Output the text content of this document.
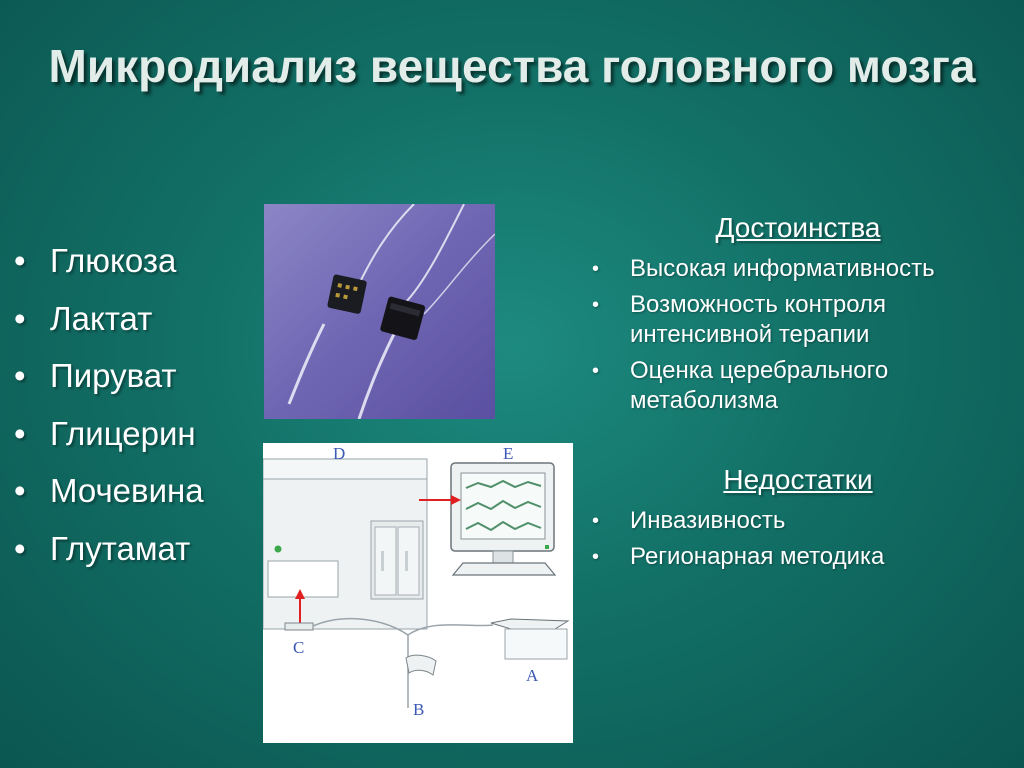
Микродиализ вещества головного мозга
• Глюкоза
• Лактат
• Пируват
• Глицерин
• Мочевина
• Глутамат
D	E
C
B
A
Достоинства
• Высокая информативность
• Возможность контроля интенсивной терапии
• Оценка церебрального метаболизма
Недостатки
• Инвазивность
• Регионарная методика
